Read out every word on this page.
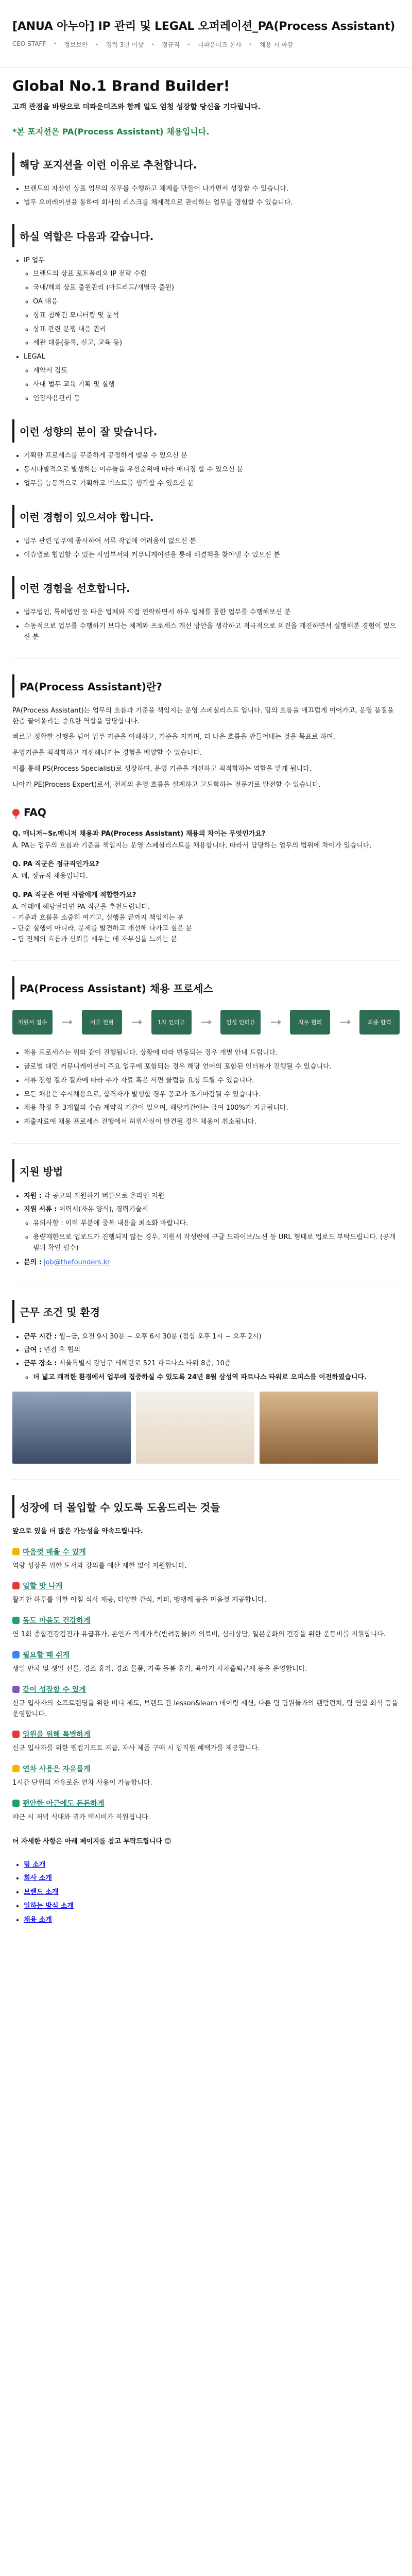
[ANUA 아누아] IP 관리 및 LEGAL 오퍼레이션_PA(Process Assistant)
CEO STAFF •	정보보안 •	경력 3년 이상 •	정규직 •	더파운더즈 본사 •	채용 시 마감
Global No.1 Brand Builder!
고객 관점을 바탕으로 더파운더즈와 함께 일도 엄청 성장할 당신을 기다립니다.
*본 포지션은 PA(Process Assistant) 채용입니다.
해당 포지션을 이런 이유로 추천합니다.
• 브랜드의 자산인 상표 업무의 실무를 수행하고 체계를 만들어 나가면서 성장할 수 있습니다.
• 법무 오퍼레이션을 통하여 회사의 리스크를 체계적으로 관리하는 업무를 경험할 수 있습니다.
하실 역할은 다음과 같습니다.
• IP 업무
◦ 브랜드의 상표 포트폴리오 IP 전략 수립
◦ 국내/해외 상표 출원관리 (마드리드/개별국 출원)
◦ OA 대응
◦ 상표 침해건 모니터링 및 분석
◦ 상표 관련 분쟁 대응 관리
◦ 세관 대응(등록, 신고, 교육 등)
• LEGAL
◦ 계약서 검토
◦ 사내 법무 교육 기획 및 실행
◦ 인장사용관리 등
이런 성향의 분이 잘 맞습니다.
• 기획한 프로세스를 꾸준하게 공정하게 맺을 수 있으신 분
• 동시다발적으로 발생하는 이슈들을 우선순위에 따라 매니징 할 수 있으신 분
• 업무를 능동적으로 기획하고 넥스트를 생각할 수 있으신 분
이런 경험이 있으셔야 합니다.
• 법무 관련 업무에 종사하여 서류 작업에 어려움이 없으신 분
• 이슈별로 협업할 수 있는 사업부서와 커뮤니케이션을 통해 해결책을 찾아낼 수 있으신 분
이런 경험을 선호합니다.
• 법무법인, 특허법인 등 타운 업체와 직접 연락하면서 하우 업체를 통한 업무를 수행해보신 분
• 수동적으로 업무를 수행하기 보다는 체계와 프로세스 개선 방안을 생각하고 적극적으로 의견을 개진하면서 실행해본 경험이 있으신 분
PA(Process Assistant)란?

PA(Process Assistant)는 업무의 흐름과 기준을 책임지는 운영 스페셜리스트 입니다. 팀의 흐름을 매끄럽게 이어가고, 운영 품질을 한층 끌어올리는 중요한 역할을 담당합니다.

빠르고 정확한 실행을 넘어 업무 기준을 이해하고, 기준을 지키며, 더 나은 흐름을 만들어내는 것을 목표로 하며,

운영기준을 최적화하고 개선해나가는 경험을 배양할 수 있습니다.

이를 통해 PS(Process Specialist)로 성장하며, 운영 기준을 개선하고 최적화하는 역할을 맡게 됩니다.

나아가 PE(Process Expert)로서, 전체의 운영 흐름을 설계하고 고도화하는 전문가로 발전할 수 있습니다.

FAQ
Q. 매니저~Sr.매니저 채용과 PA(Process Assistant) 채용의 차이는 무엇인가요?
A. PA는 업무의 흐름과 기준을 책임지는 운영 스페셜리스트를 채용합니다. 따라서 담당하는 업무의 범위에 차이가 있습니다.
Q. PA 직군은 정규직인가요?
A. 네, 정규직 채용입니다.
Q. PA 직군은 어떤 사람에게 적합한가요?
A. 아래에 해당된다면 PA 직군을 추천드립니다.
– 기준과 흐름을 소중히 여기고, 실행을 끝까지 책임지는 분
– 단순 실행이 아니라, 문제를 발견하고 개선해 나가고 싶은 분
– 팀 전체의 흐름과 신뢰를 세우는 데 자부심을 느끼는 분
PA(Process Assistant) 채용 프로세스
지원서 접수	서류 전형	1차 인터뷰	인성 인터뷰	처우 협의	최종 합격
• 채용 프로세스는 위와 같이 진행됩니다. 상황에 따라 변동되는 경우 개별 안내 드립니다.
• 글로벌 대면 커뮤니케이션이 주요 업무에 포함되는 경우 해당 언어의 포함된 인터뷰가 진행될 수 있습니다.
• 서류 전형 결과 결과에 따라 추가 자료 혹은 서면 클럽을 요청 드릴 수 있습니다.
• 모든 채용은 수시채용으로, 합격자가 발생할 경우 공고가 조기마감될 수 있습니다.
• 채용 확정 후 3개월의 수습 계약직 기간이 있으며, 해당기간에는 급여 100%가 지급됩니다.
• 제출자료에 채용 프로세스 진행에서 허위사실이 발견될 경우 채용이 취소됩니다.
지원 방법
• 지원 : 각 공고의 지원하기 버튼으로 온라인 지원
• 지원 서류 : 이력서(자유 양식), 경력기술서
◦ 유의사항 : 이력 부분에 중복 내용을 최소화 바랍니다.
◦ 용량제한으로 업로드가 진행되지 않는 경우, 지원서 작성란에 구글 드라이브/노션 등 URL 형태로 업로드 부탁드립니다. (공개 범위 확인 필수)
• 문의 : job@thefounders.kr
근무 조건 및 환경
• 근무 시간 : 월~금, 오전 9시 30분 ~ 오후 6시 30분 (점심 오후 1시 ~ 오후 2시)
• 급여 : 면접 후 협의
• 근무 장소 : 서울특별시 강남구 테헤란로 521 파르나스 타워 8층, 10층
◦ 더 넓고 쾌적한 환경에서 업무에 집중하실 수 있도록 24년 8월 삼성역 파르나스 타워로 오피스를 이전하였습니다.
성장에 더 몰입할 수 있도록 도움드리는 것들

앞으로 있을 더 많은 가능성을 약속드립니다.

마음껏 배울 수 있게

역량 성장을 위한 도서와 강의를 예산 제한 없이 지원합니다.

일할 맛 나게

활기찬 하루를 위한 아침 식사 제공, 다양한 간식, 커피, 맹맹께 등을 마음껏 제공합니다.

동도 마음도 건강하게

연 1회 종합건강검진과 유급휴가, 본인과 직계가족(반려동물)의 의료비, 심리상담, 일본문화의 건강을 위한 운동비를 지원합니다.

필요할 때 쉬게

생일 반차 및 생일 선물, 경조 휴가, 경조 물품, 가족 돌봄 휴가, 육아기 시차출퇴근제 등을 운영합니다.

같이 성장할 수 있게

신규 입사자의 소프트랜딩을 위한 버디 제도, 브랜드 간 lesson&learn 데이링 세션, 다른 팀 팀원들과의 랜덤런치, 팀 연합 회식 등을 운영합니다.

입원을 위해 특별하게

신규 입사자를 위한 웰컴기프트 지급, 자사 제품 구매 시 임직원 혜택가를 제공합니다.

연차 사용은 자유롭게

1시간 단위의 자유로운 연차 사용이 가능합니다.

편안한 아근에도 든든하게

야근 시 저녁 식대와 귀가 택시비가 지원됩니다.

더 자세한 사항은 아래 페이지를 참고 부탁드립니다 😊

• 팀 소개
• 회사 소개
• 브랜드 소개
• 일하는 방식 소개
• 채용 소개
